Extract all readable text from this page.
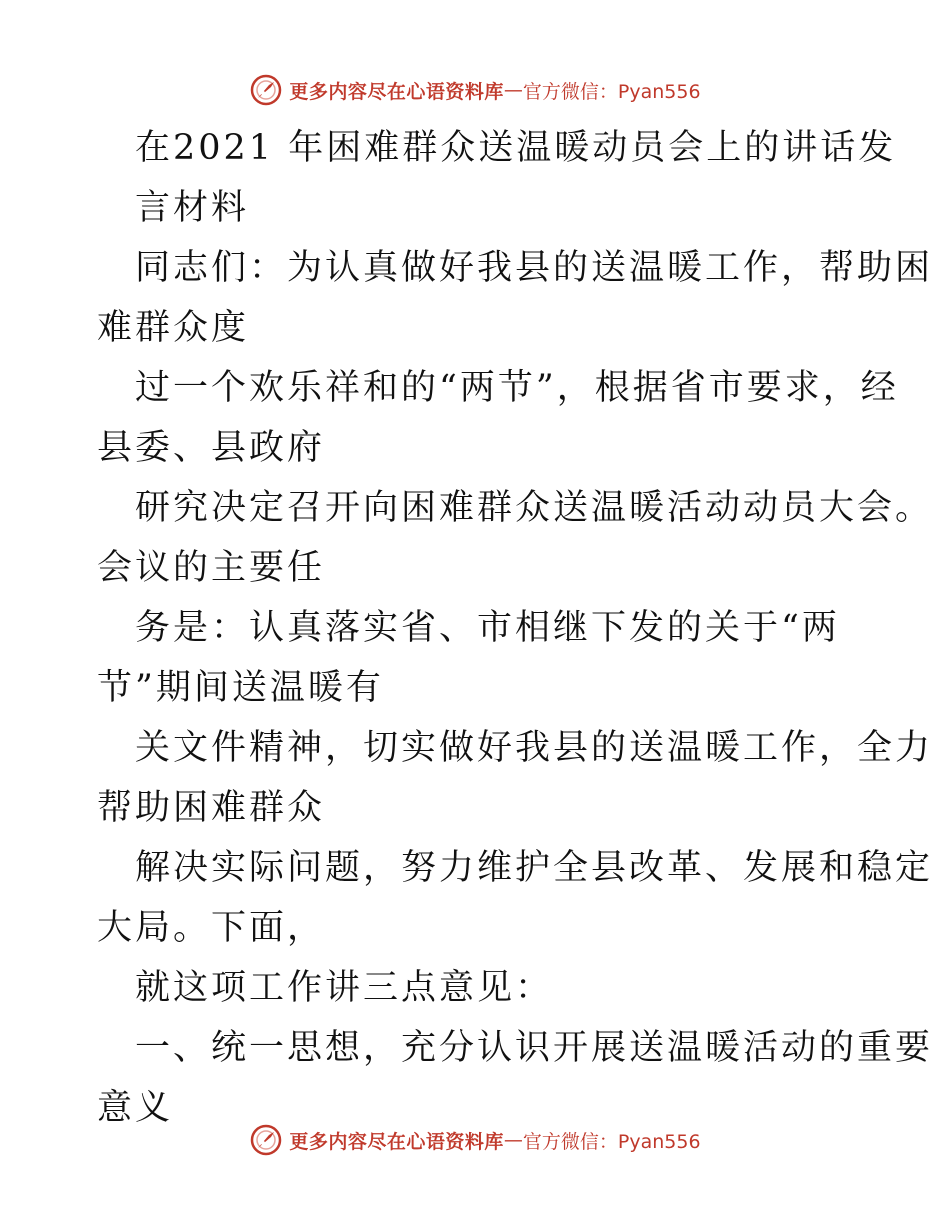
更多内容尽在心语资料库 — 官方微信：Pyan556
在2021 年困难群众送温暖动员会上的讲话发
言材料
同志们：为认真做好我县的送温暖工作，帮助困
难群众度
过一个欢乐祥和的“两节”，根据省市要求，经
县委、县政府
研究决定召开向困难群众送温暖活动动员大会。
会议的主要任
务是：认真落实省、市相继下发的关于“两
节”期间送温暖有
关文件精神，切实做好我县的送温暖工作，全力
帮助困难群众
解决实际问题，努力维护全县改革、发展和稳定
大局。下面，
就这项工作讲三点意见：
一、统一思想，充分认识开展送温暖活动的重要
意义
更多内容尽在心语资料库 — 官方微信：Pyan556
